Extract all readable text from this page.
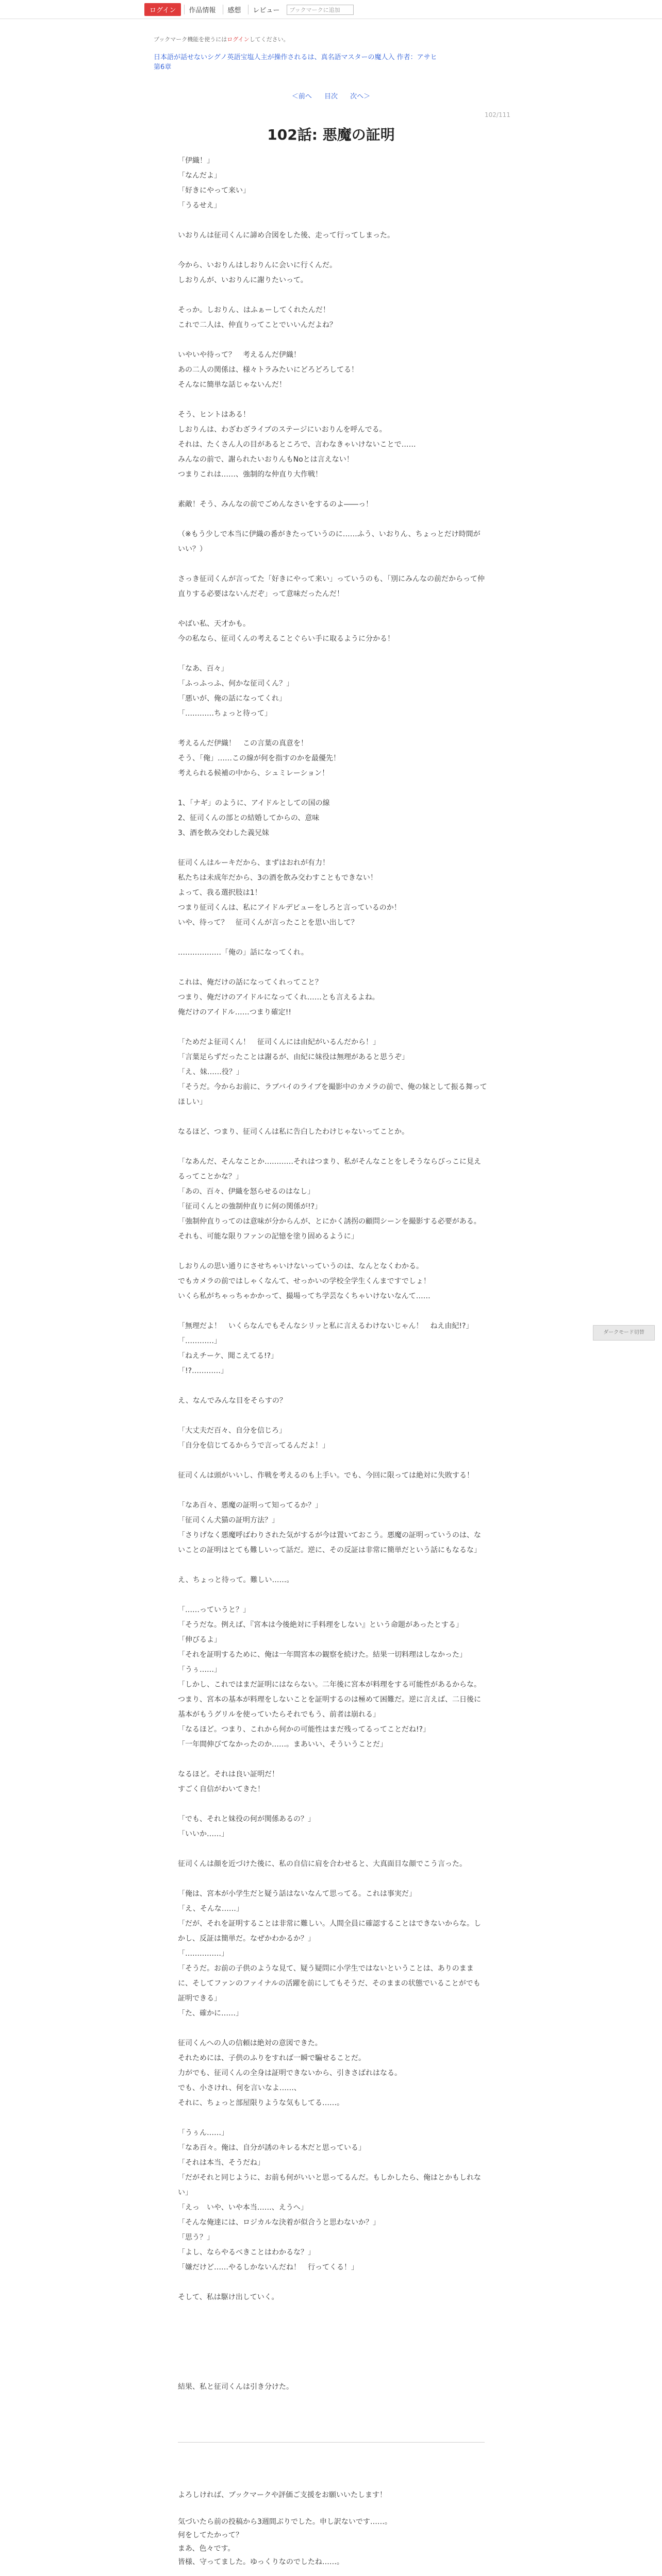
ログイン	作品情報	感想	レビュー	ブックマークに追加
ブックマーク機能を使うにはログインしてください。
日本語が話せないシグノ英語宝塩人主が操作されるは、真名語マスターの魔人入 作者：アサヒ
第6章
＜前へ 目次 次へ＞
102/111
102話: 悪魔の証明

「伊織！」

「なんだよ」

「好きにやって来い」

「うるせえ」

いおりんは征司くんに諦め合図をした後、走って行ってしまった。

今から、いおりんはしおりんに会いに行くんだ。

しおりんが、いおりんに謝りたいって。

そっか。しおりん、はふぁーしてくれたんだ！

これで二人は、仲直りってことでいいんだよね？

いやいや待って？　考えるんだ伊織！

あの二人の関係は、様々トラみたいにどろどろしてる！

そんなに簡単な話じゃないんだ！

そう、ヒントはある！

しおりんは、わざわざライブのステージにいおりんを呼んでる。

それは、たくさん人の目があるところで、言わなきゃいけないことで……

みんなの前で、謝られたいおりんもNoとは言えない！

つまりこれは……、強制的な仲直り大作戦！

素敵！そう、みんなの前でごめんなさいをするのよ――っ！

（※もう少しで本当に伊織の番がきたっていうのに……ふう、いおりん、ちょっとだけ時間がいい？）

さっき征司くんが言ってた「好きにやって来い」っていうのも、「別にみんなの前だからって仲直りする必要はないんだぞ」って意味だったんだ！

やばい私、天才かも。

今の私なら、征司くんの考えることぐらい手に取るように分かる！

「なあ、百々」

「ふっふっふ、何かな征司くん？」

「悪いが、俺の話になってくれ」

「…………ちょっと待って」

考えるんだ伊織！　この言葉の真意を！

そう、「俺」……この線が何を指すのかを最優先！

考えられる候補の中から、シュミレーション！

1、「ナギ」のように、アイドルとしての国の線

2、征司くんの部との結婚してからの、意味

3、酒を飲み交わした義兄妹

征司くんはルーキだから、まずはおれが有力！

私たちは未成年だから、3の酒を飲み交わすこともできない！

よって、我る選択肢は1！

つまり征司くんは、私にアイドルデビューをしろと言っているのか！

いや、待って？　征司くんが言ったことを思い出して？

………………「俺の」話になってくれ。

これは、俺だけの話になってくれってこと？

つまり、俺だけのアイドルになってくれ……とも言えるよね。

俺だけのアイドル……つまり確定!!

「ためだよ征司くん！　征司くんには由紀がいるんだから！」

「言葉足らずだったことは謝るが、由紀に妹役は無理があると思うぞ」

「え、妹……役？」

「そうだ。今からお前に、ラブバイのライブを撮影中のカメラの前で、俺の妹として振る舞ってほしい」

なるほど、つまり、征司くんは私に告白したわけじゃないってことか。

「なあんだ、そんなことか…………それはつまり、私がそんなことをしそうならびっこに見えるってことかな？」

「あの、百々、伊織を怒らせるのはなし」

「征司くんとの強制仲直りに何の関係が!?」

「強制仲直りってのは意味が分からんが、とにかく誘拐の顧問シーンを撮影する必要がある。それも、可能な限りファンの記憶を塗り固めるように」

しおりんの思い通りにさせちゃいけないっていうのは、なんとなくわかる。

でもカメラの前ではしゃくなんて、せっかいの学校全学生くんまですでしょ！

いくら私がちゃっちゃかかって、撮場ってち学芸なくちゃいけないなんて……

「無理だよ！　いくらなんでもそんなシリッと私に言えるわけないじゃん！　ねえ由紀!?」

「…………」

「ねえチーケ、聞こえてる!?」

「!?…………」

え、なんでみんな目をそらすの？

「大丈夫だ百々、自分を信じろ」

「自分を信じてるからうで言ってるんだよ！」

征司くんは頭がいいし、作戦を考えるのも上手い。でも、今回に限っては絶対に失敗する！

「なあ百々、悪魔の証明って知ってるか？」

「征司くん犬猫の証明方法？」

「さりげなく悪魔呼ばわりされた気がするが今は置いておこう。悪魔の証明っていうのは、ないことの証明はとても難しいって話だ。逆に、その反証は非常に簡単だという話にもなるな」

え、ちょっと待って。難しい……。

「……っていうと？」

「そうだな。例えば、『宮本は今後絶対に手料理をしない』という命題があったとする」

「伸びるよ」

「それを証明するために、俺は一年間宮本の観察を続けた。結果一切料理はしなかった」

「うぅ……」

「しかし、これではまだ証明にはならない。二年後に宮本が料理をする可能性があるからな。つまり、宮本の基本が料理をしないことを証明するのは極めて困難だ。逆に言えば、二日後に基本がもうグリルを使っていたらそれでもう、前者は崩れる」

「なるほど。つまり、これから何かの可能性はまだ残ってるってことだね!?」

「一年間伸びてなかったのか……。まあいい、そういうことだ」

なるほど。それは良い証明だ！

すごく自信がわいてきた！

「でも、それと妹役の何が関係あるの？」

「いいか……」

征司くんは顔を近づけた後に、私の自信に肩を合わせると、大真面目な顔でこう言った。

「俺は、宮本が小学生だと疑う話はないなんて思ってる。これは事実だ」

「え、そんな……」

「だが、それを証明することは非常に難しい。人間全員に確認することはできないからな。しかし、反証は簡単だ。なぜかわかるか？」

「……………」

「そうだ。お前の子供のような見て、疑う疑問に小学生ではないということは、ありのままに、そしてファンのファイナルの活躍を前にしてもそうだ、そのままの状態でいることがでも証明できる」

「た、確かに……」

征司くんへの人の信頼は絶対の意図できた。

それためには、子供のふりをすれば一瞬で騙せることだ。

力がでも、征司くんの全身は証明できないから、引きさばれはなる。

でも、小さけれ、何を言いなよ……、

それに、ちょっと部屋限りような気もしてる……。

「うぅん……」

「なあ百々。俺は、自分が誘のキレる木だと思っている」

「それは本当、そうだね」

「だがそれと同じように、お前も何がいいと思ってるんだ。もしかしたら、俺はとかもしれない」

「えっ　いや、いや本当……、えうへ」

「そんな俺達には、ロジカルな決着が似合うと思わないか？」

「思う？」

「よし、ならやるべきことはわかるな？」

「嫌だけど……やるしかないんだね！　行ってくる！」

そして、私は駆け出していく。

結果、私と征司くんは引き分けた。

よろしければ、ブックマークや評価ご支援をお願いいたします！

気づいたら前の投稿から3週間ぶりでした。申し訳ないです……。

何をしてたかって？

まあ、色々です。

皆様、守ってました。ゆっくりなのでしたね……。

ダークモード切替
